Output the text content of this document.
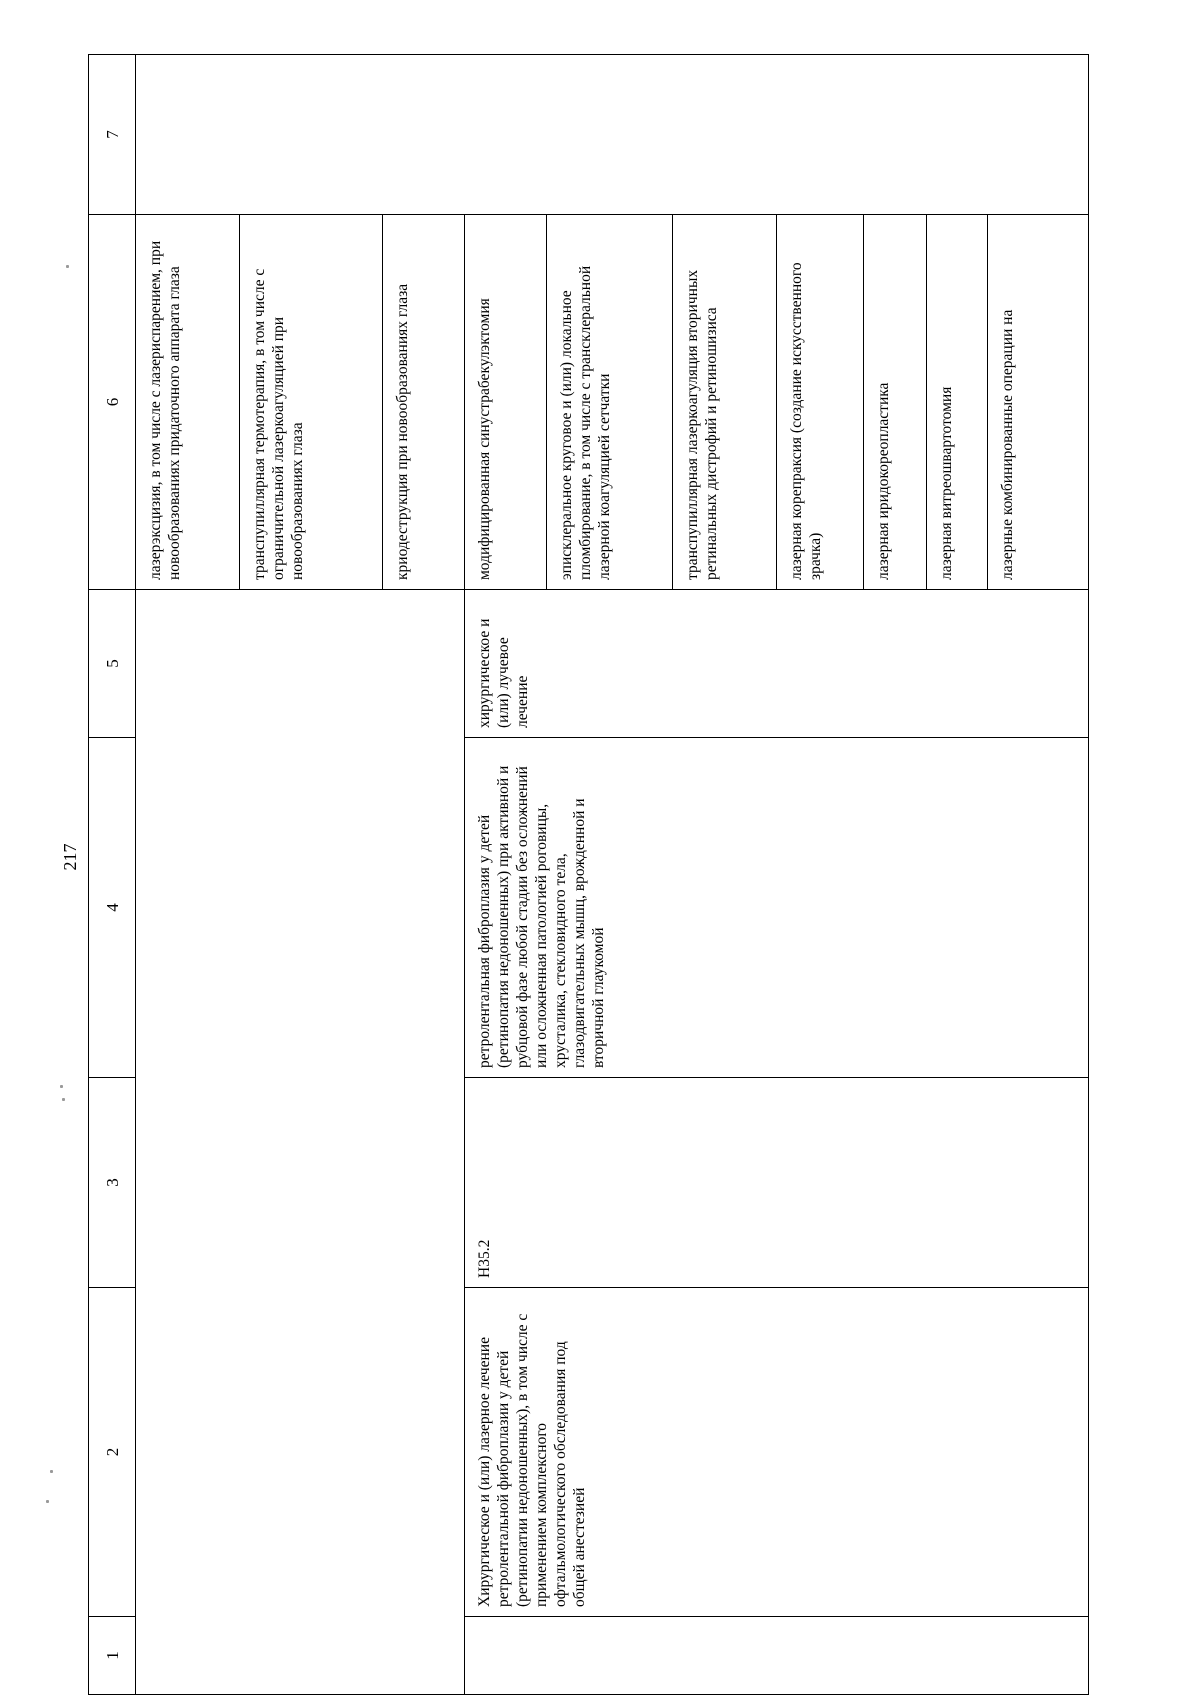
217
1	2	3	4	5	6	7
					лазерэксцизия, в том числе с лазериспарением, при новообразованиях придаточного аппарата глаза	
					транспупиллярная термотерапия, в том числе с ограничительной лазеркоагуляцией при новообразованиях глаза	
					криодеструкция при новообразованиях глаза	
	Хирургическое и (или) лазерное лечение ретролентальной фиброплазии у детей (ретинопатии недоношенных), в том числе с применением комплексного офтальмологического обследования под общей анестезией	H35.2	ретролентальная фиброплазия у детей (ретинопатия недоношенных) при активной и рубцовой фазе любой стадии без осложнений или осложненная патологией роговицы, хрусталика, стекловидного тела, глазодвигательных мышц, врожденной и вторичной глаукомой	хирургическое и (или) лучевое лечение	модифицированная синустрабекулэктомия	
					эписклеральное круговое и (или) локальное пломбирование, в том числе с трансклеральной лазерной коагуляцией сетчатки	
					транспупиллярная лазеркоагуляция вторичных ретинальных дистрофий и ретиношизиса	
					лазерная корепраксия (создание искусственного зрачка)	
					лазерная иридокореопластика	
					лазерная витреошвартотомия	
					лазерные комбинированные операции на	
